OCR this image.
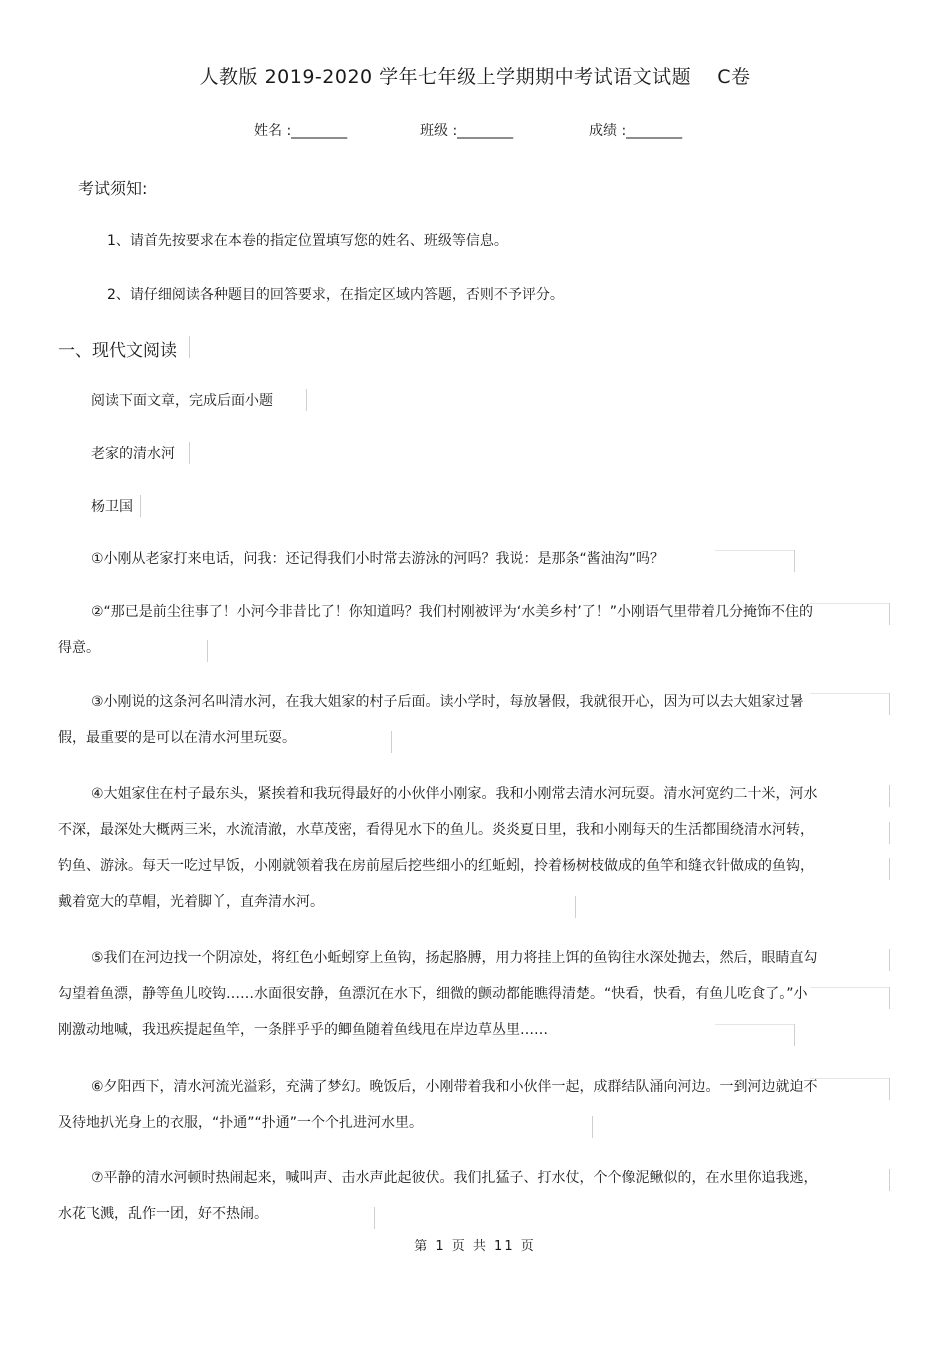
人教版 2019-2020 学年七年级上学期期中考试语文试题 C卷
姓名 :________	班级 :________	成绩 :________
考试须知:
1、请首先按要求在本卷的指定位置填写您的姓名、班级等信息。
2、请仔细阅读各种题目的回答要求，在指定区域内答题，否则不予评分。
一、现代文阅读
阅读下面文章，完成后面小题
老家的清水河
杨卫国
①小刚从老家打来电话，问我：还记得我们小时常去游泳的河吗？我说：是那条“酱油沟”吗？
②“那已是前尘往事了！小河今非昔比了！你知道吗？我们村刚被评为‘水美乡村’了！”小刚语气里带着几分掩饰不住的得意。
③小刚说的这条河名叫清水河，在我大姐家的村子后面。读小学时，每放暑假，我就很开心，因为可以去大姐家过暑假，最重要的是可以在清水河里玩耍。
④大姐家住在村子最东头，紧挨着和我玩得最好的小伙伴小刚家。我和小刚常去清水河玩耍。清水河宽约二十米，河水不深，最深处大概两三米，水流清澈，水草茂密，看得见水下的鱼儿。炎炎夏日里，我和小刚每天的生活都围绕清水河转，钓鱼、游泳。每天一吃过早饭，小刚就领着我在房前屋后挖些细小的红蚯蚓，拎着杨树枝做成的鱼竿和缝衣针做成的鱼钩，戴着宽大的草帽，光着脚丫，直奔清水河。
⑤我们在河边找一个阴凉处，将红色小蚯蚓穿上鱼钩，扬起胳膊，用力将挂上饵的鱼钩往水深处抛去，然后，眼睛直勾勾望着鱼漂，静等鱼儿咬钩……水面很安静，鱼漂沉在水下，细微的颤动都能瞧得清楚。“快看，快看，有鱼儿吃食了。”小刚激动地喊，我迅疾提起鱼竿，一条胖乎乎的鲫鱼随着鱼线甩在岸边草丛里……
⑥夕阳西下，清水河流光溢彩，充满了梦幻。晚饭后，小刚带着我和小伙伴一起，成群结队涌向河边。一到河边就迫不及待地扒光身上的衣服，“扑通”“扑通”一个个扎进河水里。
⑦平静的清水河顿时热闹起来，喊叫声、击水声此起彼伏。我们扎猛子、打水仗，个个像泥鳅似的，在水里你追我逃，水花飞溅，乱作一团，好不热闹。
第 1 页 共 11 页
